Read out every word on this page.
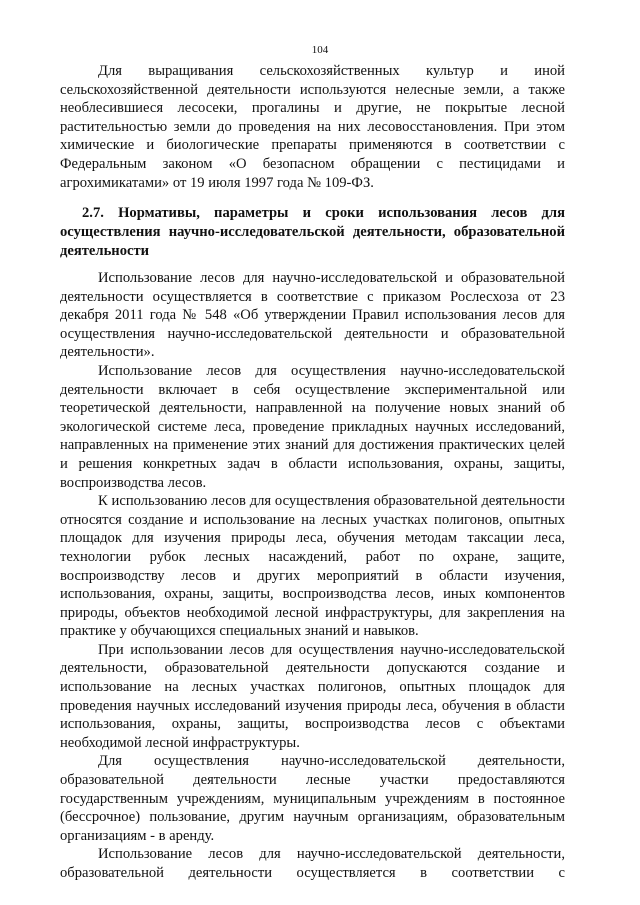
104

Для выращивания сельскохозяйственных культур и иной сельскохозяйственной деятельности используются нелесные земли, а также необлесившиеся лесосеки, прогалины и другие, не покрытые лесной растительностью земли до проведения на них лесовосстановления. При этом химические и биологические препараты применяются в соответствии с Федеральным законом «О безопасном обращении с пестицидами и агрохимикатами» от 19 июля 1997 года № 109-ФЗ.

2.7. Нормативы, параметры и сроки использования лесов для осуществления научно-исследовательской деятельности, образовательной деятельности

Использование лесов для научно-исследовательской и образовательной деятельности осуществляется в соответствие с приказом Рослесхоза от 23 декабря 2011 года № 548 «Об утверждении Правил использования лесов для осуществления научно-исследовательской деятельности и образовательной деятельности».

Использование лесов для осуществления научно-исследовательской деятельности включает в себя осуществление экспериментальной или теоретической деятельности, направленной на получение новых знаний об экологической системе леса, проведение прикладных научных исследований, направленных на применение этих знаний для достижения практических целей и решения конкретных задач в области использования, охраны, защиты, воспроизводства лесов.

К использованию лесов для осуществления образовательной деятельности относятся создание и использование на лесных участках полигонов, опытных площадок для изучения природы леса, обучения методам таксации леса, технологии рубок лесных насаждений, работ по охране, защите, воспроизводству лесов и других мероприятий в области изучения, использования, охраны, защиты, воспроизводства лесов, иных компонентов природы, объектов необходимой лесной инфраструктуры, для закрепления на практике у обучающихся специальных знаний и навыков.

При использовании лесов для осуществления научно-исследовательской деятельности, образовательной деятельности допускаются создание и использование на лесных участках полигонов, опытных площадок для проведения научных исследований изучения природы леса, обучения в области использования, охраны, защиты, воспроизводства лесов с объектами необходимой лесной инфраструктуры.

Для осуществления научно-исследовательской деятельности, образовательной деятельности лесные участки предоставляются государственным учреждениям, муниципальным учреждениям в постоянное (бессрочное) пользование, другим научным организациям, образовательным организациям - в аренду.

Использование лесов для научно-исследовательской деятельности, образовательной деятельности осуществляется в соответствии с
